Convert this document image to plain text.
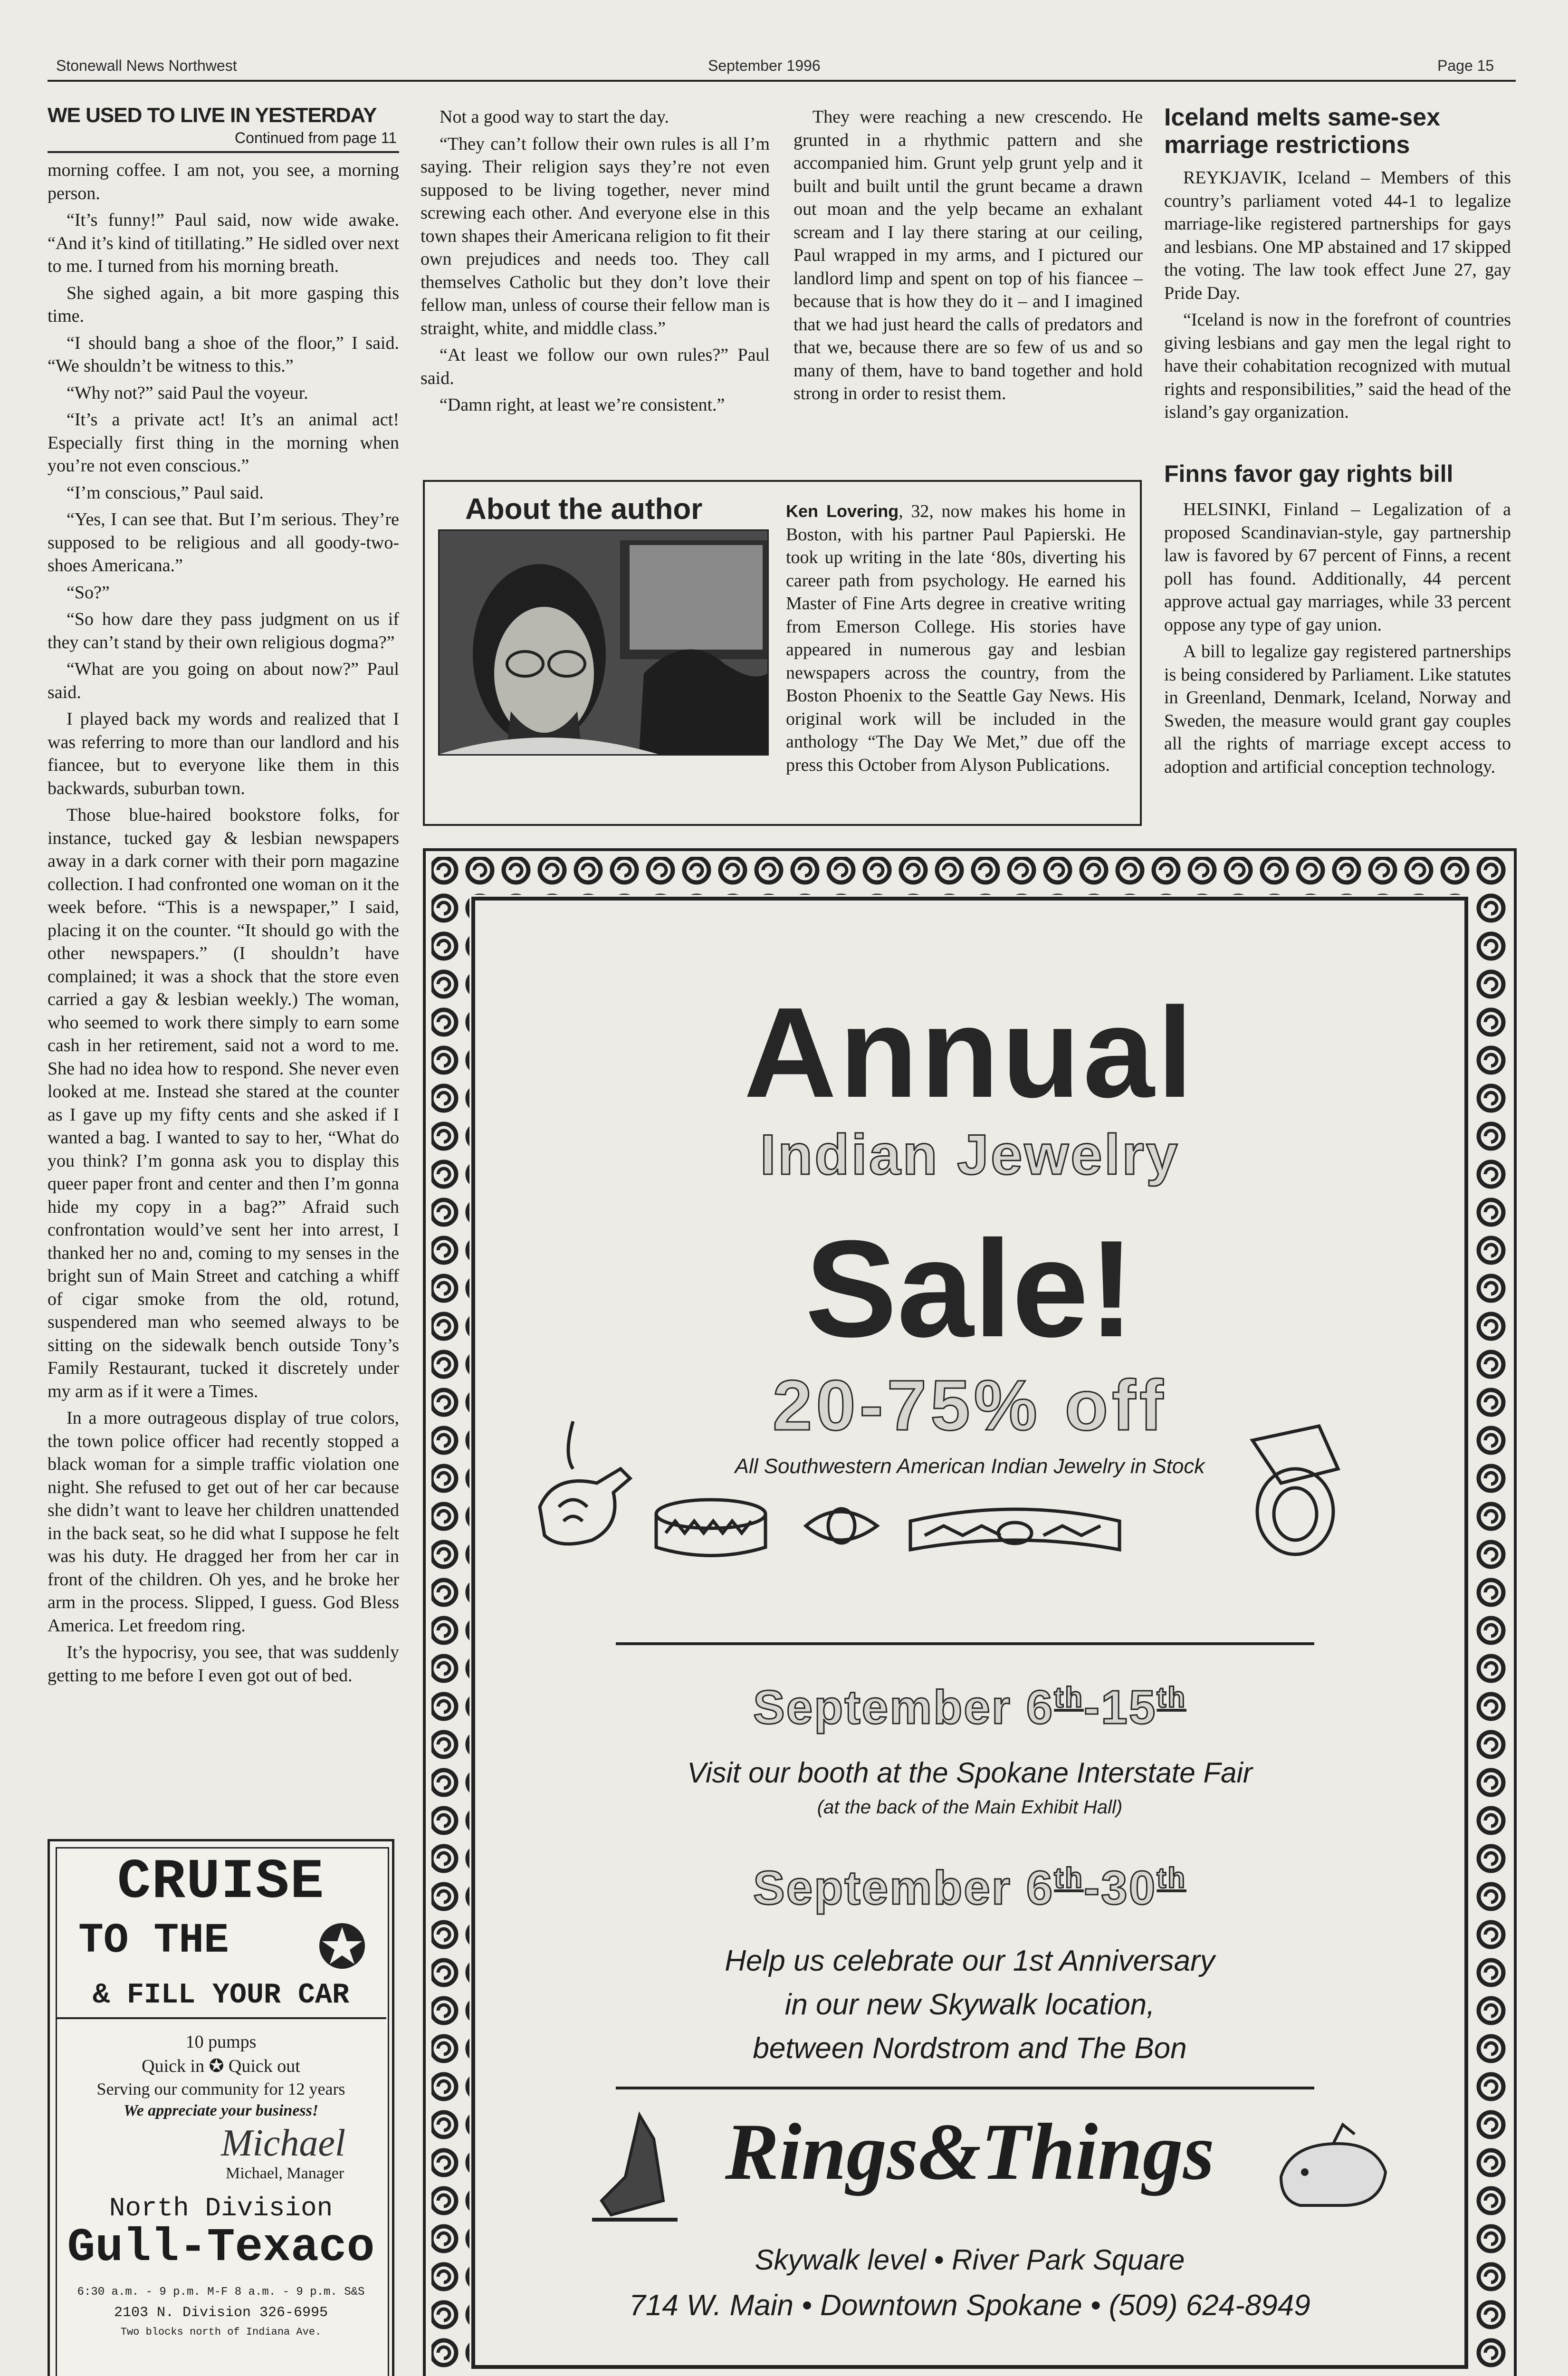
Stonewall News Northwest	September 1996	Page 15
WE USED TO LIVE IN YESTERDAY
Continued from page 11

morning coffee. I am not, you see, a morning person.

“It’s funny!” Paul said, now wide awake. “And it’s kind of titillating.” He sidled over next to me. I turned from his morning breath.

She sighed again, a bit more gasping this time.

“I should bang a shoe of the floor,” I said. “We shouldn’t be witness to this.”

“Why not?” said Paul the voyeur.

“It’s a private act! It’s an animal act! Especially first thing in the morning when you’re not even conscious.”

“I’m conscious,” Paul said.

“Yes, I can see that. But I’m serious. They’re supposed to be religious and all goody-two-shoes Americana.”

“So?”

“So how dare they pass judgment on us if they can’t stand by their own religious dogma?”

“What are you going on about now?” Paul said.

I played back my words and realized that I was referring to more than our landlord and his fiancee, but to everyone like them in this backwards, suburban town.

Those blue-haired bookstore folks, for instance, tucked gay & lesbian newspapers away in a dark corner with their porn magazine collection. I had confronted one woman on it the week before. “This is a newspaper,” I said, placing it on the counter. “It should go with the other newspapers.” (I shouldn’t have complained; it was a shock that the store even carried a gay & lesbian weekly.) The woman, who seemed to work there simply to earn some cash in her retirement, said not a word to me. She had no idea how to respond. She never even looked at me. Instead she stared at the counter as I gave up my fifty cents and she asked if I wanted a bag. I wanted to say to her, “What do you think? I’m gonna ask you to display this queer paper front and center and then I’m gonna hide my copy in a bag?” Afraid such confrontation would’ve sent her into arrest, I thanked her no and, coming to my senses in the bright sun of Main Street and catching a whiff of cigar smoke from the old, rotund, suspendered man who seemed always to be sitting on the sidewalk bench outside Tony’s Family Restaurant, tucked it discretely under my arm as if it were a Times.

In a more outrageous display of true colors, the town police officer had recently stopped a black woman for a simple traffic violation one night. She refused to get out of her car because she didn’t want to leave her children unattended in the back seat, so he did what I suppose he felt was his duty. He dragged her from her car in front of the children. Oh yes, and he broke her arm in the process. Slipped, I guess. God Bless America. Let freedom ring.

It’s the hypocrisy, you see, that was suddenly getting to me before I even got out of bed.

Not a good way to start the day.

“They can’t follow their own rules is all I’m saying. Their religion says they’re not even supposed to be living together, never mind screwing each other. And everyone else in this town shapes their Americana religion to fit their own prejudices and needs too. They call themselves Catholic but they don’t love their fellow man, unless of course their fellow man is straight, white, and middle class.”

“At least we follow our own rules?” Paul said.

“Damn right, at least we’re consistent.”

They were reaching a new crescendo. He grunted in a rhythmic pattern and she accompanied him. Grunt yelp grunt yelp and it built and built until the grunt became a drawn out moan and the yelp became an exhalant scream and I lay there staring at our ceiling, Paul wrapped in my arms, and I pictured our landlord limp and spent on top of his fiancee – because that is how they do it – and I imagined that we had just heard the calls of predators and that we, because there are so few of us and so many of them, have to band together and hold strong in order to resist them.

About the author	Ken Lovering, 32, now makes his home in Boston, with his partner Paul Papierski. He took up writing in the late ‘80s, diverting his career path from psychology. He earned his Master of Fine Arts degree in creative writing from Emerson College. His stories have appeared in numerous gay and lesbian newspapers across the country, from the Boston Phoenix to the Seattle Gay News. His original work will be included in the anthology “The Day We Met,” due off the press this October from Alyson Publications.
Iceland melts same-sex marriage restrictions

REYKJAVIK, Iceland – Members of this country’s parliament voted 44-1 to legalize marriage-like registered partnerships for gays and lesbians. One MP abstained and 17 skipped the voting. The law took effect June 27, gay Pride Day.

“Iceland is now in the forefront of countries giving lesbians and gay men the legal right to have their cohabitation recognized with mutual rights and responsibilities,” said the head of the island’s gay organization.

Finns favor gay rights bill

HELSINKI, Finland – Legalization of a proposed Scandinavian-style, gay partnership law is favored by 67 percent of Finns, a recent poll has found. Additionally, 44 percent approve actual gay marriages, while 33 percent oppose any type of gay union.

A bill to legalize gay registered partnerships is being considered by Parliament. Like statutes in Greenland, Denmark, Iceland, Norway and Sweden, the measure would grant gay couples all the rights of marriage except access to adoption and artificial conception technology.

Annual
Indian Jewelry
Sale!
20-75% off
All Southwestern American Indian Jewelry in Stock
September 6th-15th
Visit our booth at the Spokane Interstate Fair
(at the back of the Main Exhibit Hall)
September 6th-30th
Help us celebrate our 1st Anniversary
in our new Skywalk location,
between Nordstrom and The Bon
Rings&Things
Skywalk level • River Park Square
714 W. Main • Downtown Spokane • (509) 624-8949
CRUISE
TO THE
& FILL YOUR CAR
10 pumps
Quick in ✪ Quick out
Serving our community for 12 years
We appreciate your business!
Michael
Michael, Manager
North Division
Gull-Texaco
6:30 a.m. - 9 p.m. M-F 8 a.m. - 9 p.m. S&S
2103 N. Division 326-6995
Two blocks north of Indiana Ave.
